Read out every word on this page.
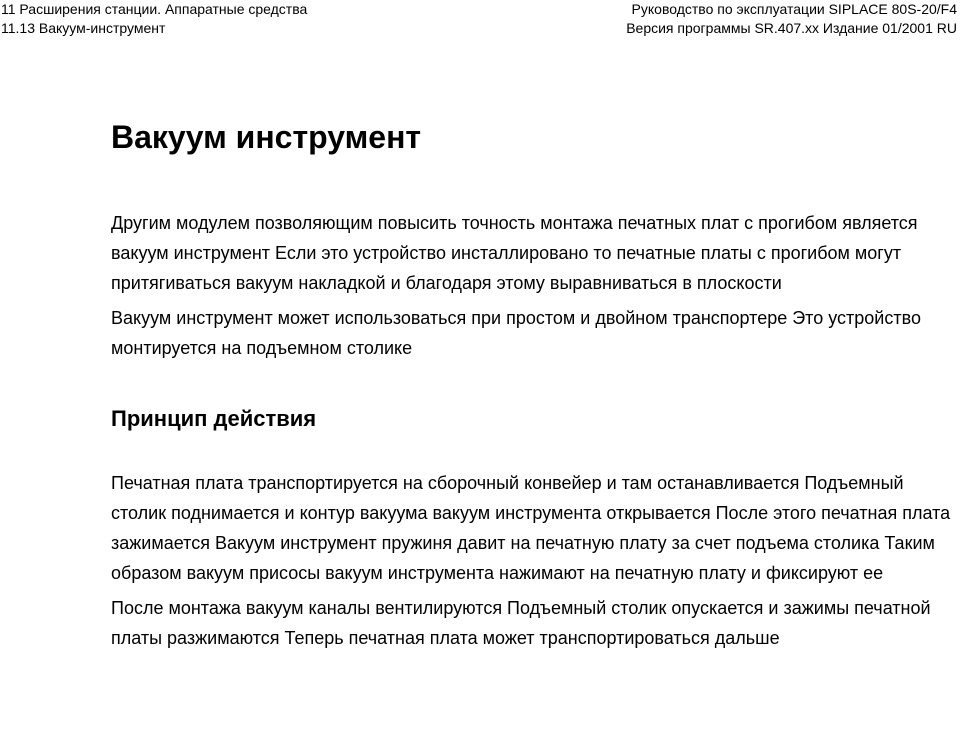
11 Расширения станции. Аппаратные средства
11.13 Вакуум-инструмент
Руководство по эксплуатации SIPLACE 80S-20/F4
Версия программы SR.407.xx Издание 01/2001 RU
Вакуум инструмент

Другим модулем позволяющим повысить точность монтажа печатных плат с прогибом является вакуум инструмент Если это устройство инсталлировано то печатные платы с прогибом могут притягиваться вакуум накладкой и благодаря этому выравниваться в плоскости

Вакуум инструмент может использоваться при простом и двойном транспортере Это устройство монтируется на подъемном столике

Принцип действия

Печатная плата транспортируется на сборочный конвейер и там останавливается Подъемный столик поднимается и контур вакуума вакуум инструмента открывается После этого печатная плата зажимается Вакуум инструмент пружиня давит на печатную плату за счет подъема столика Таким образом вакуум присосы вакуум инструмента нажимают на печатную плату и фиксируют ее

После монтажа вакуум каналы вентилируются Подъемный столик опускается и зажимы печатной платы разжимаются Теперь печатная плата может транспортироваться дальше
